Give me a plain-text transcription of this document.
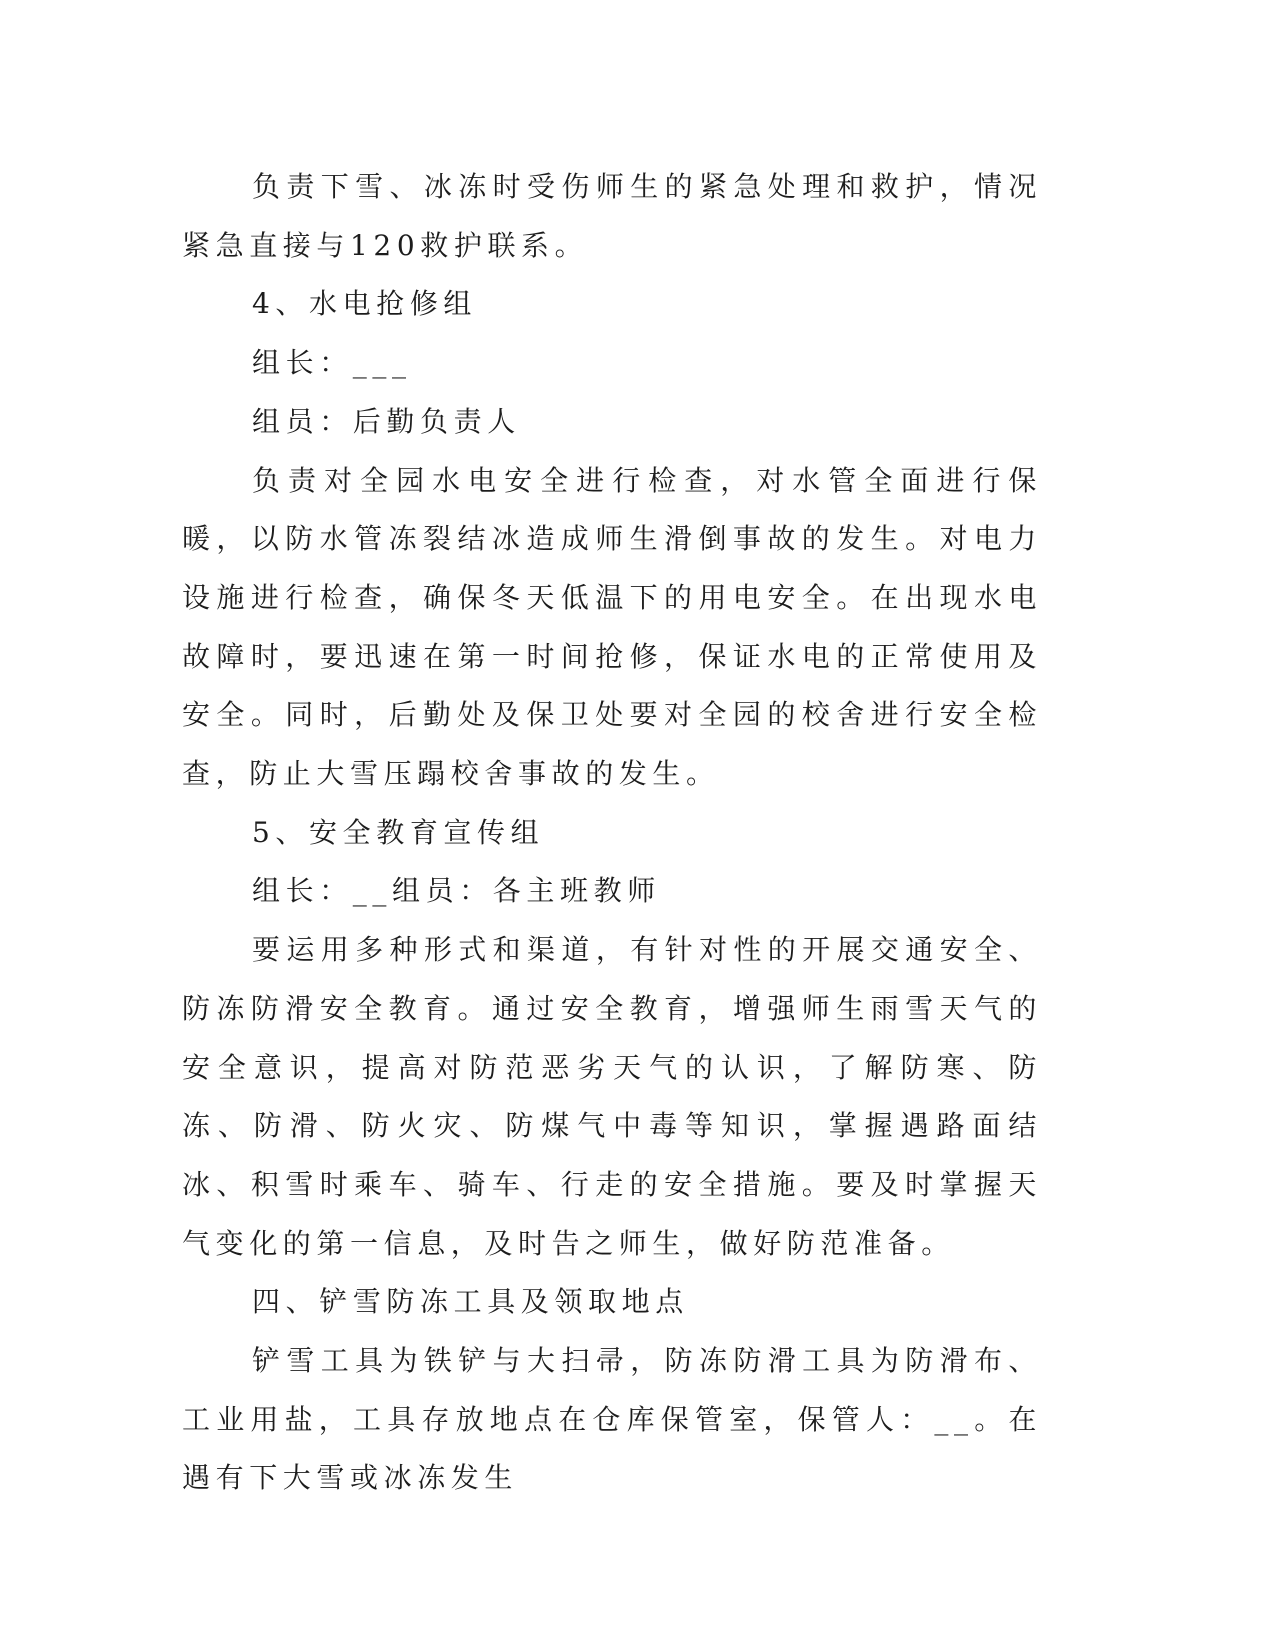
负责下雪、冰冻时受伤师生的紧急处理和救护，情况紧急直接与120救护联系。

4、水电抢修组

组长：___

组员：后勤负责人

负责对全园水电安全进行检查，对水管全面进行保暖，以防水管冻裂结冰造成师生滑倒事故的发生。对电力设施进行检查，确保冬天低温下的用电安全。在出现水电故障时，要迅速在第一时间抢修，保证水电的正常使用及安全。同时，后勤处及保卫处要对全园的校舍进行安全检查，防止大雪压蹋校舍事故的发生。

5、安全教育宣传组

组长：__组员：各主班教师

要运用多种形式和渠道，有针对性的开展交通安全、防冻防滑安全教育。通过安全教育，增强师生雨雪天气的安全意识，提高对防范恶劣天气的认识，了解防寒、防冻、防滑、防火灾、防煤气中毒等知识，掌握遇路面结冰、积雪时乘车、骑车、行走的安全措施。要及时掌握天气变化的第一信息，及时告之师生，做好防范准备。

四、铲雪防冻工具及领取地点

铲雪工具为铁铲与大扫帚，防冻防滑工具为防滑布、工业用盐，工具存放地点在仓库保管室，保管人：__。在遇有下大雪或冰冻发生
